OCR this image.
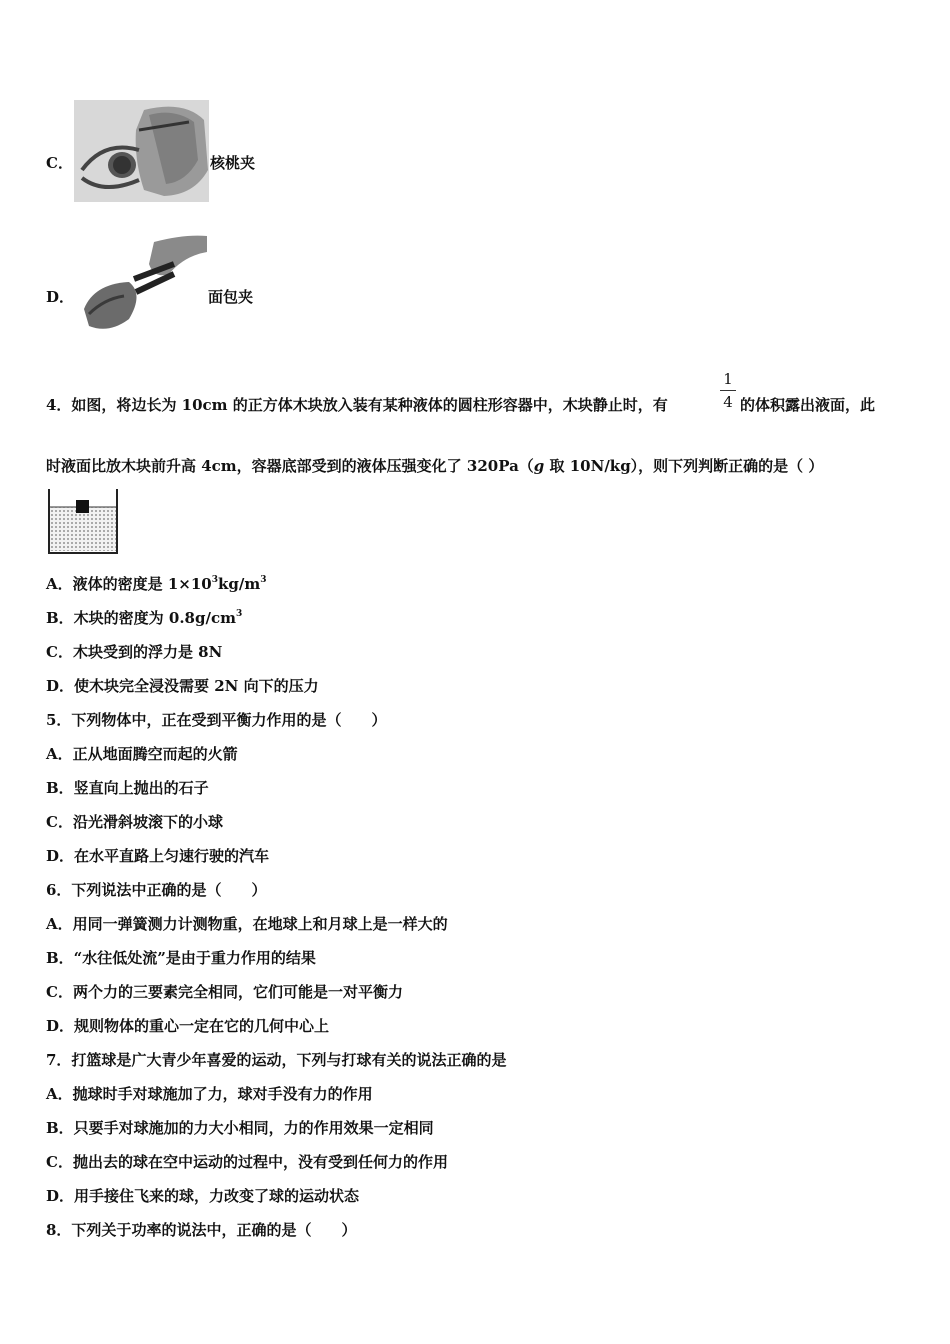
C．	核桃夹
D．	面包夹
4．如图，将边长为 10cm 的正方体木块放入装有某种液体的圆柱形容器中，木块静止时，有
1
4 的体积露出液面，此
时液面比放木块前升高 4cm，容器底部受到的液体压强变化了 320Pa（g 取 10N/kg），则下列判断正确的是（ ）
A．液体的密度是 $1\times 10^3kg/m^3$
B．木块的密度为 $0.8g/cm^3$
C．木块受到的浮力是 8N
D．使木块完全浸没需要 2N 向下的压力
5．下列物体中，正在受到平衡力作用的是（　　）
A．正从地面腾空而起的火箭
B．竖直向上抛出的石子
C．沿光滑斜坡滚下的小球
D．在水平直路上匀速行驶的汽车
6．下列说法中正确的是（　　）
A．用同一弹簧测力计测物重，在地球上和月球上是一样大的
B．“水往低处流”是由于重力作用的结果
C．两个力的三要素完全相同，它们可能是一对平衡力
D．规则物体的重心一定在它的几何中心上
7．打篮球是广大青少年喜爱的运动，下列与打球有关的说法正确的是
A．抛球时手对球施加了力，球对手没有力的作用
B．只要手对球施加的力大小相同，力的作用效果一定相同
C．抛出去的球在空中运动的过程中，没有受到任何力的作用
D．用手接住飞来的球，力改变了球的运动状态
8．下列关于功率的说法中，正确的是（　　）
